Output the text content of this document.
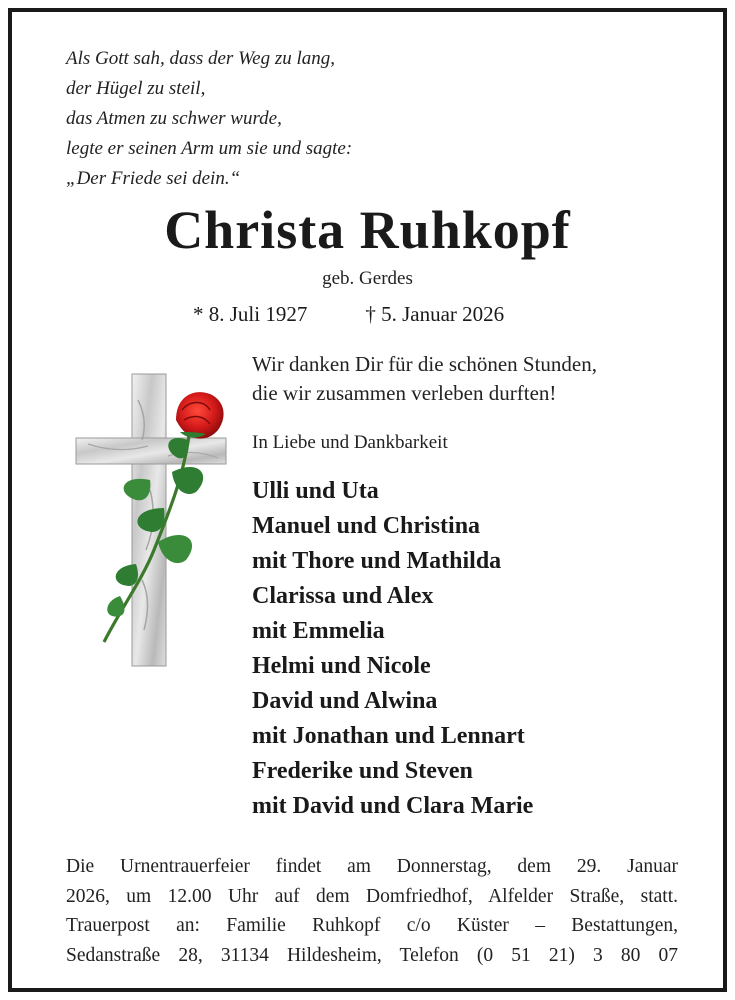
Als Gott sah, dass der Weg zu lang,
der Hügel zu steil,
das Atmen zu schwer wurde,
legte er seinen Arm um sie und sagte:
„Der Friede sei dein.“
Christa Ruhkopf
geb. Gerdes
* 8. Juli 1927	† 5. Januar 2026
Wir danken Dir für die schönen Stunden,
die wir zusammen verleben durften!
In Liebe und Dankbarkeit
Ulli und Uta
Manuel und Christina
mit Thore und Mathilda
Clarissa und Alex
mit Emmelia
Helmi und Nicole
David und Alwina
mit Jonathan und Lennart
Frederike und Steven
mit David und Clara Marie
Die Urnentrauerfeier findet am Donnerstag, dem 29. Januar
2026, um 12.00 Uhr auf dem Domfriedhof, Alfelder Straße, statt.
Trauerpost an: Familie Ruhkopf c/o Küster – Bestattungen,
Sedanstraße 28, 31134 Hildesheim, Telefon (0 51 21) 3 80 07
